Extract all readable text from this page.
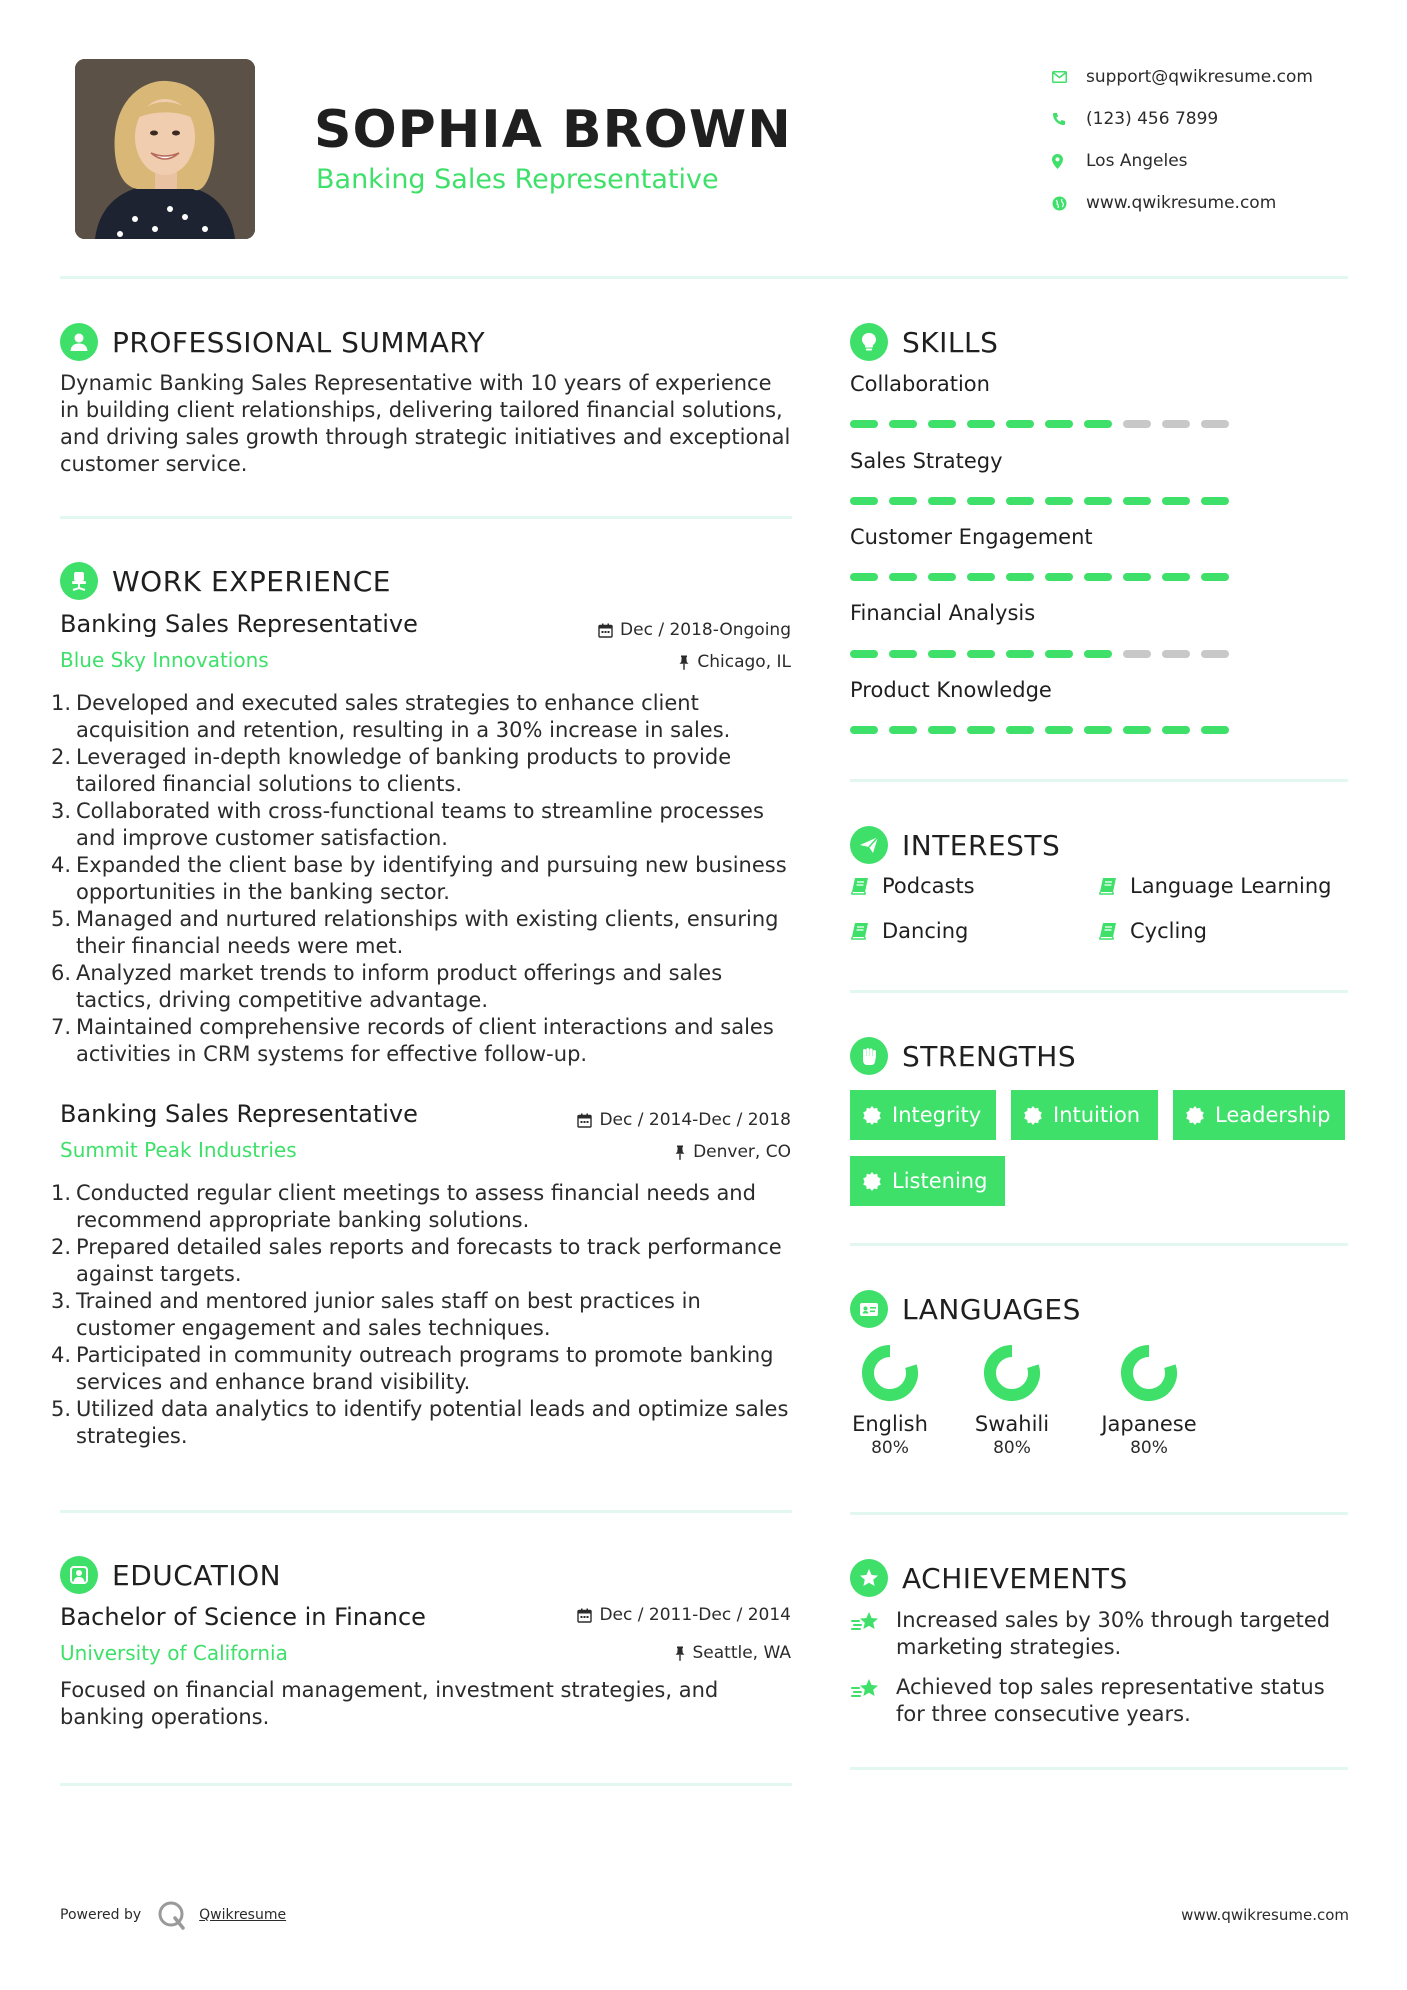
SOPHIA BROWN
Banking Sales Representative
support@qwikresume.com
(123) 456 7899
Los Angeles
www.qwikresume.com
PROFESSIONAL SUMMARY
Dynamic Banking Sales Representative with 10 years of experience in building client relationships, delivering tailored financial solutions, and driving sales growth through strategic initiatives and exceptional customer service.
WORK EXPERIENCE
Banking Sales Representative	Dec / 2018-Ongoing
Blue Sky Innovations	Chicago, IL
1. Developed and executed sales strategies to enhance client acquisition and retention, resulting in a 30% increase in sales.
2. Leveraged in-depth knowledge of banking products to provide tailored financial solutions to clients.
3. Collaborated with cross-functional teams to streamline processes and improve customer satisfaction.
4. Expanded the client base by identifying and pursuing new business opportunities in the banking sector.
5. Managed and nurtured relationships with existing clients, ensuring their financial needs were met.
6. Analyzed market trends to inform product offerings and sales tactics, driving competitive advantage.
7. Maintained comprehensive records of client interactions and sales activities in CRM systems for effective follow-up.
Banking Sales Representative	Dec / 2014-Dec / 2018
Summit Peak Industries	Denver, CO
1. Conducted regular client meetings to assess financial needs and recommend appropriate banking solutions.
2. Prepared detailed sales reports and forecasts to track performance against targets.
3. Trained and mentored junior sales staff on best practices in customer engagement and sales techniques.
4. Participated in community outreach programs to promote banking services and enhance brand visibility.
5. Utilized data analytics to identify potential leads and optimize sales strategies.
EDUCATION
Bachelor of Science in Finance	Dec / 2011-Dec / 2014
University of California	Seattle, WA
Focused on financial management, investment strategies, and banking operations.
SKILLS
Collaboration
Sales Strategy
Customer Engagement
Financial Analysis
Product Knowledge
INTERESTS
Podcasts	Language Learning
Dancing	Cycling
STRENGTHS
Integrity	Intuition	Leadership
Listening
LANGUAGES
English
80%
Swahili
80%
Japanese
80%
ACHIEVEMENTS
Increased sales by 30% through targeted marketing strategies.
Achieved top sales representative status for three consecutive years.
Powered by	Qwikresume	www.qwikresume.com
